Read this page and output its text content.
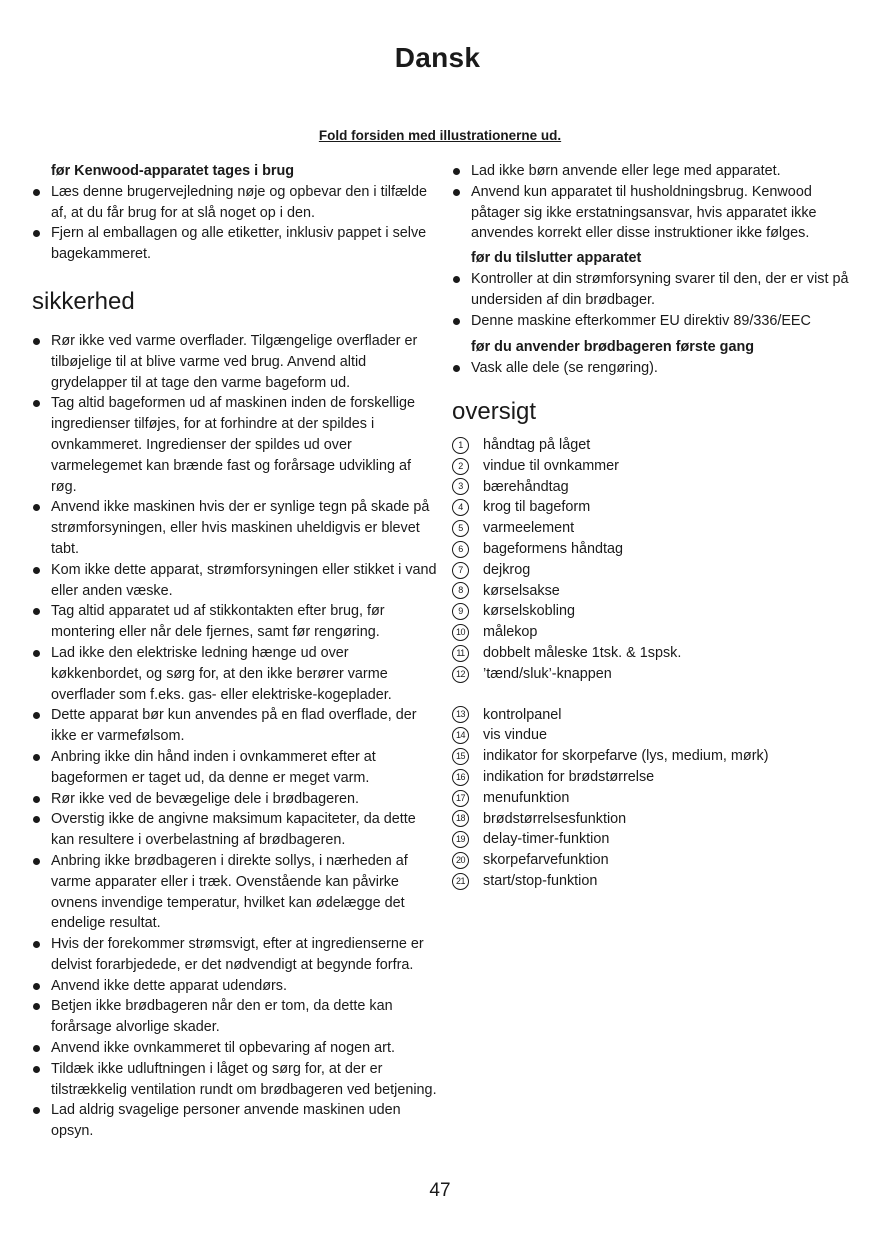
Dansk
Fold forsiden med illustrationerne ud.
før Kenwood-apparatet tages i brug
Læs denne brugervejledning nøje og opbevar den i tilfælde af, at du får brug for at slå noget op i den.
Fjern al emballagen og alle etiketter, inklusiv pappet i selve bagekammeret.
sikkerhed
Rør ikke ved varme overflader. Tilgængelige overflader er tilbøjelige til at blive varme ved brug. Anvend altid grydelapper til at tage den varme bageform ud.
Tag altid bageformen ud af maskinen inden de forskellige ingredienser tilføjes, for at forhindre at der spildes i ovnkammeret. Ingredienser der spildes ud over varmelegemet kan brænde fast og forårsage udvikling af røg.
Anvend ikke maskinen hvis der er synlige tegn på skade på strømforsyningen, eller hvis maskinen uheldigvis er blevet tabt.
Kom ikke dette apparat, strømforsyningen eller stikket i vand eller anden væske.
Tag altid apparatet ud af stikkontakten efter brug, før montering eller når dele fjernes, samt før rengøring.
Lad ikke den elektriske ledning hænge ud over køkkenbordet, og sørg for, at den ikke berører varme overflader som f.eks. gas- eller elektriske-kogeplader.
Dette apparat bør kun anvendes på en flad overflade, der ikke er varmefølsom.
Anbring ikke din hånd inden i ovnkammeret efter at bageformen er taget ud, da denne er meget varm.
Rør ikke ved de bevægelige dele i brødbageren.
Overstig ikke de angivne maksimum kapaciteter, da dette kan resultere i overbelastning af brødbageren.
Anbring ikke brødbageren i direkte sollys, i nærheden af varme apparater eller i træk. Ovenstående kan påvirke ovnens invendige temperatur, hvilket kan ødelægge det endelige resultat.
Hvis der forekommer strømsvigt, efter at ingredienserne er delvist forarbjedede, er det nødvendigt at begynde forfra.
Anvend ikke dette apparat udendørs.
Betjen ikke brødbageren når den er tom, da dette kan forårsage alvorlige skader.
Anvend ikke ovnkammeret til opbevaring af nogen art.
Tildæk ikke udluftningen i låget og sørg for, at der er tilstrækkelig ventilation rundt om brødbageren ved betjening.
Lad aldrig svagelige personer anvende maskinen uden opsyn.
Lad ikke børn anvende eller lege med apparatet.
Anvend kun apparatet til husholdningsbrug. Kenwood påtager sig ikke erstatningsansvar, hvis apparatet ikke anvendes korrekt eller disse instruktioner ikke følges.
før du tilslutter apparatet
Kontroller at din strømforsyning svarer til den, der er vist på undersiden af din brødbager.
Denne maskine efterkommer EU direktiv 89/336/EEC
før du anvender brødbageren første gang
Vask alle dele (se rengøring).
oversigt
1	håndtag på låget
2	vindue til ovnkammer
3	bærehåndtag
4	krog til bageform
5	varmeelement
6	bageformens håndtag
7	dejkrog
8	kørselsakse
9	kørselskobling
10 målekop
11	dobbelt måleske 1tsk. & 1spsk.
12 ’tænd/sluk’-knappen
13 kontrolpanel
14 vis vindue
15 indikator for skorpefarve (lys, medium, mørk)
16 indikation for brødstørrelse
17 menufunktion
18 brødstørrelsesfunktion
19 delay-timer-funktion
20 skorpefarvefunktion
21 start/stop-funktion
47
